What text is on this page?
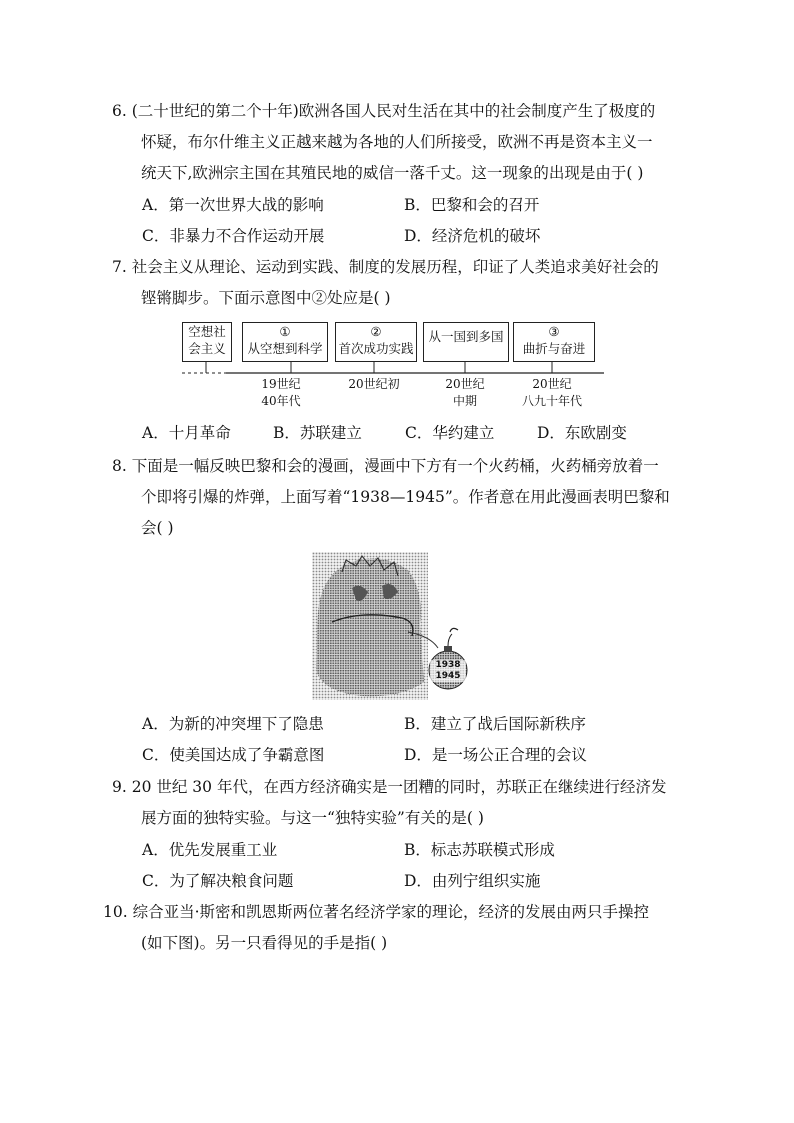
6. (二十世纪的第二个十年)欧洲各国人民对生活在其中的社会制度产生了极度的
怀疑，布尔什维主义正越来越为各地的人们所接受，欧洲不再是资本主义一
统天下,欧洲宗主国在其殖民地的威信一落千丈。这一现象的出现是由于( )
A．第一次世界大战的影响	B．巴黎和会的召开
C．非暴力不合作运动开展	D．经济危机的破坏
7. 社会主义从理论、运动到实践、制度的发展历程，印证了人类追求美好社会的
铿锵脚步。下面示意图中②处应是( )
空想社
会主义
①
从空想到科学
②
首次成功实践
从一国到多国	③
曲折与奋进
19世纪
40年代
20世纪初	20世纪
中期
20世纪
八九十年代
A．十月革命	B．苏联建立	C．华约建立	D．东欧剧变
8. 下面是一幅反映巴黎和会的漫画，漫画中下方有一个火药桶，火药桶旁放着一
个即将引爆的炸弹，上面写着“1938—1945”。作者意在用此漫画表明巴黎和
会( )
1938
1945
A．为新的冲突埋下了隐患	B．建立了战后国际新秩序
C．使美国达成了争霸意图	D．是一场公正合理的会议
9. 20 世纪 30 年代，在西方经济确实是一团糟的同时，苏联正在继续进行经济发
展方面的独特实验。与这一“独特实验”有关的是( )
A．优先发展重工业	B．标志苏联模式形成
C．为了解决粮食问题	D．由列宁组织实施
10. 综合亚当·斯密和凯恩斯两位著名经济学家的理论，经济的发展由两只手操控
(如下图)。另一只看得见的手是指( )
